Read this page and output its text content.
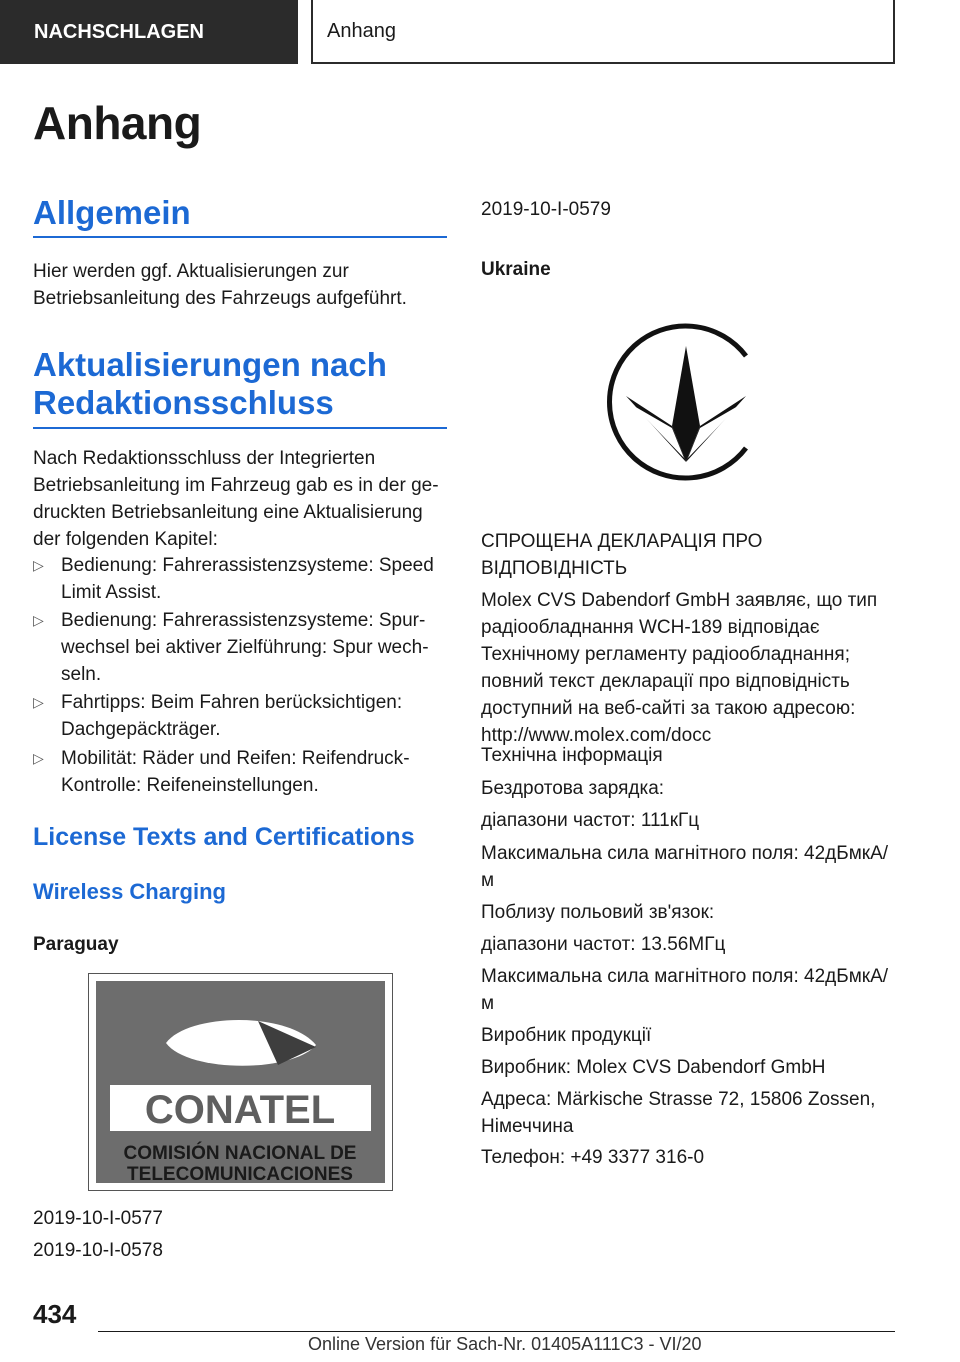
NACHSCHLAGEN	Anhang
Anhang
Allgemein

Hier werden ggf. Aktualisierungen zur Betriebsanleitung des Fahrzeugs aufgeführt.

Aktualisierungen nach
Redaktionsschluss

Nach Redaktionsschluss der Integrierten Betriebsanleitung im Fahrzeug gab es in der gedruckten Betriebsanleitung eine Aktualisierung der folgenden Kapitel:

▷ Bedienung: Fahrerassistenzsysteme: Speed Limit Assist.
▷ Bedienung: Fahrerassistenzsysteme: Spurwechsel bei aktiver Zielführung: Spur wechseln.
▷ Fahrtipps: Beim Fahren berücksichtigen: Dachgepäckträger.
▷ Mobilität: Räder und Reifen: ReifendruckKontrolle: Reifeneinstellungen.
License Texts and Certifications
Wireless Charging

Paraguay

CONATEL
COMISIÓN NACIONAL DE
TELECOMUNICACIONES

2019-10-I-0577

2019-10-I-0578

2019-10-I-0579

Ukraine

СПРОЩЕНА ДЕКЛАРАЦІЯ ПРО ВІДПОВІДНІСТЬ

Molex CVS Dabendorf GmbH заявляє, що тип радіообладнання WCH-189 відповідає Технічному регламенту радіообладнання; повний текст декларації про відповідність доступний на веб-сайті за такою адресою: http://www.molex.com/docc

Технічна інформація

Бездротова зарядка:

діапазони частот: 111кГц

Максимальна сила магнітного поля: 42дБмкА/м

Поблизу польовий зв'язок:

діапазони частот: 13.56МГц

Максимальна сила магнітного поля: 42дБмкА/м

Виробник продукції

Виробник: Molex CVS Dabendorf GmbH

Адреса: Märkische Strasse 72, 15806 Zossen, Німеччина

Телефон: +49 3377 316-0

434
Online Version für Sach-Nr. 01405A111C3 - VI/20
